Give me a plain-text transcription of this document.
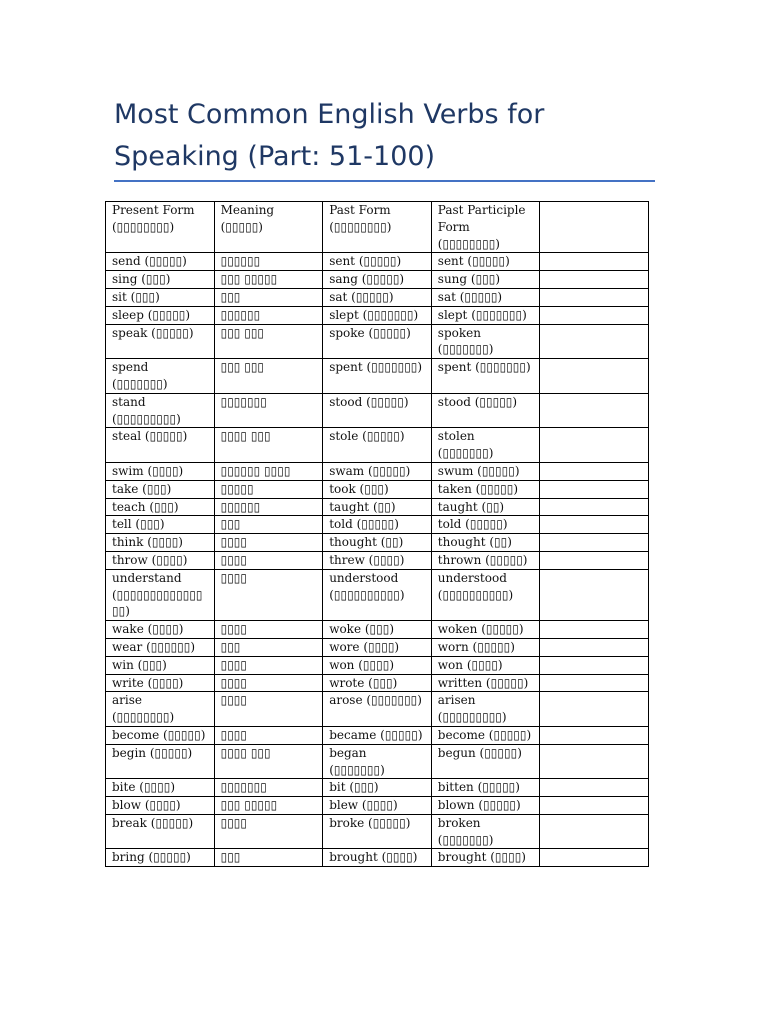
Most Common English Verbs for Speaking (Part: 51-100)
Present Form (▯▯▯▯▯▯▯▯)	Meaning (▯▯▯▯▯)	Past Form (▯▯▯▯▯▯▯▯)	Past Participle Form (▯▯▯▯▯▯▯▯)	
send (▯▯▯▯▯)	▯▯▯▯▯▯	sent (▯▯▯▯▯)	sent (▯▯▯▯▯)	
sing (▯▯▯)	▯▯▯ ▯▯▯▯▯	sang (▯▯▯▯▯)	sung (▯▯▯)	
sit (▯▯▯)	▯▯▯	sat (▯▯▯▯▯)	sat (▯▯▯▯▯)	
sleep (▯▯▯▯▯)	▯▯▯▯▯▯	slept (▯▯▯▯▯▯▯)	slept (▯▯▯▯▯▯▯)	
speak (▯▯▯▯▯)	▯▯▯ ▯▯▯	spoke (▯▯▯▯▯)	spoken (▯▯▯▯▯▯▯)	
spend (▯▯▯▯▯▯▯)	▯▯▯ ▯▯▯	spent (▯▯▯▯▯▯▯)	spent (▯▯▯▯▯▯▯)	
stand (▯▯▯▯▯▯▯▯▯)	▯▯▯▯▯▯▯	stood (▯▯▯▯▯)	stood (▯▯▯▯▯)	
steal (▯▯▯▯▯)	▯▯▯▯ ▯▯▯	stole (▯▯▯▯▯)	stolen (▯▯▯▯▯▯▯)	
swim (▯▯▯▯)	▯▯▯▯▯▯ ▯▯▯▯	swam (▯▯▯▯▯)	swum (▯▯▯▯▯)	
take (▯▯▯)	▯▯▯▯▯	took (▯▯▯)	taken (▯▯▯▯▯)	
teach (▯▯▯)	▯▯▯▯▯▯	taught (▯▯)	taught (▯▯)	
tell (▯▯▯)	▯▯▯	told (▯▯▯▯▯)	told (▯▯▯▯▯)	
think (▯▯▯▯)	▯▯▯▯	thought (▯▯)	thought (▯▯)	
throw (▯▯▯▯)	▯▯▯▯	threw (▯▯▯▯)	thrown (▯▯▯▯▯)	
understand (▯▯▯▯▯▯▯▯▯▯▯▯▯▯▯)	▯▯▯▯	understood (▯▯▯▯▯▯▯▯▯▯)	understood (▯▯▯▯▯▯▯▯▯▯)	
wake (▯▯▯▯)	▯▯▯▯	woke (▯▯▯)	woken (▯▯▯▯▯)	
wear (▯▯▯▯▯▯)	▯▯▯	wore (▯▯▯▯)	worn (▯▯▯▯▯)	
win (▯▯▯)	▯▯▯▯	won (▯▯▯▯)	won (▯▯▯▯)	
write (▯▯▯▯)	▯▯▯▯	wrote (▯▯▯)	written (▯▯▯▯▯)	
arise (▯▯▯▯▯▯▯▯)	▯▯▯▯	arose (▯▯▯▯▯▯▯)	arisen (▯▯▯▯▯▯▯▯▯)	
become (▯▯▯▯▯)	▯▯▯▯	became (▯▯▯▯▯)	become (▯▯▯▯▯)	
begin (▯▯▯▯▯)	▯▯▯▯ ▯▯▯	began (▯▯▯▯▯▯▯)	begun (▯▯▯▯▯)	
bite (▯▯▯▯)	▯▯▯▯▯▯▯	bit (▯▯▯)	bitten (▯▯▯▯▯)	
blow (▯▯▯▯)	▯▯▯ ▯▯▯▯▯	blew (▯▯▯▯)	blown (▯▯▯▯▯)	
break (▯▯▯▯▯)	▯▯▯▯	broke (▯▯▯▯▯)	broken (▯▯▯▯▯▯▯)	
bring (▯▯▯▯▯)	▯▯▯	brought (▯▯▯▯)	brought (▯▯▯▯)	
